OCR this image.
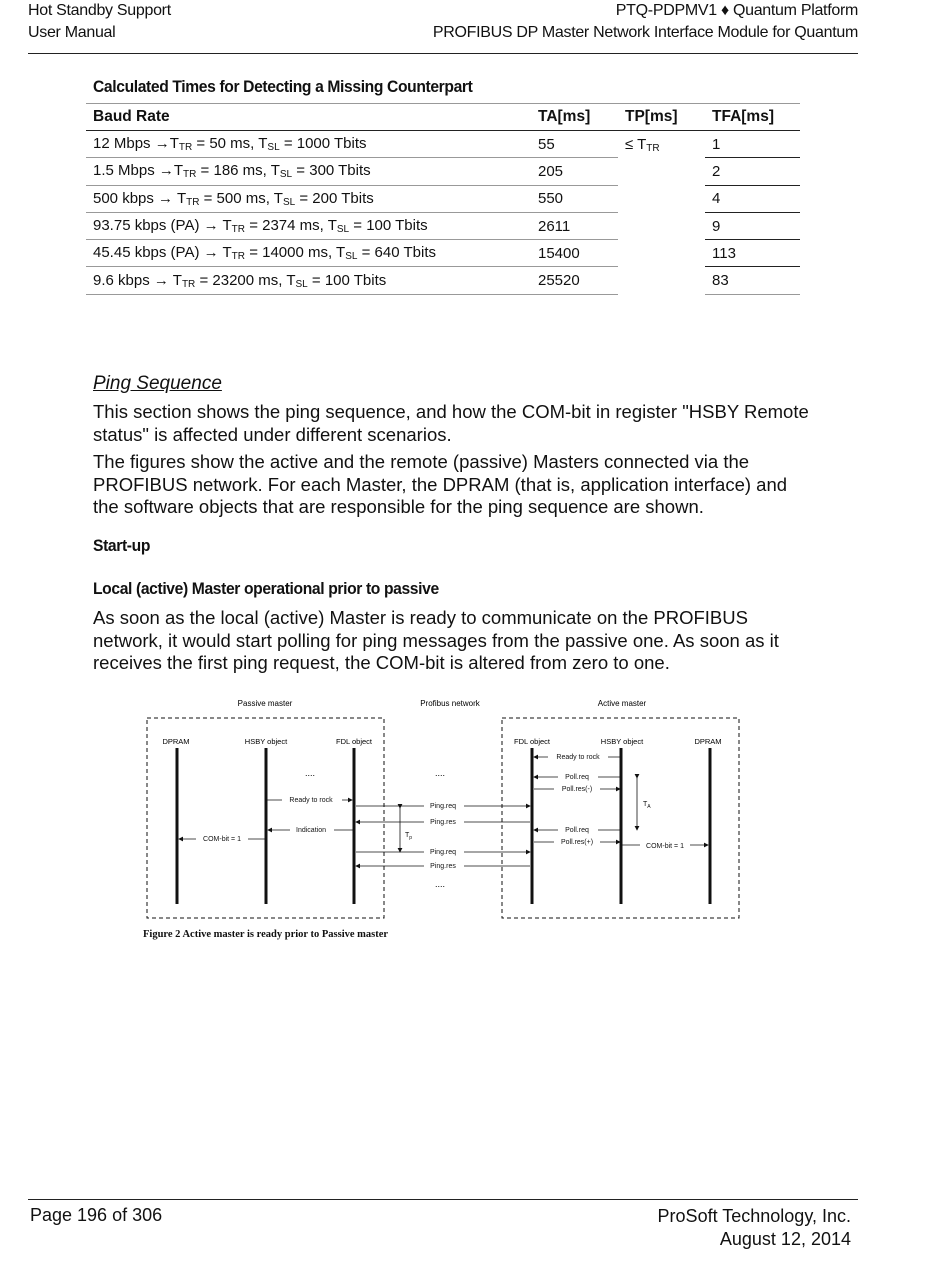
Hot Standby Support
User Manual
PTQ-PDPMV1 ♦ Quantum Platform
PROFIBUS DP Master Network Interface Module for Quantum
Calculated Times for Detecting a Missing Counterpart
Baud Rate	TA[ms]	TP[ms]	TFA[ms]
12 Mbps $\to T_{TR} = 50$ ms, $T_{SL} = 1000$ Tbits	55	≤ $T_{TR}$	1
1.5 Mbps $\to T_{TR} = 186$ ms, $T_{SL} = 300$ Tbits	205		2
500 kbps → $T_{TR} = 500$ ms, $T_{SL} = 200$ Tbits	550		4
93.75 kbps $(PA) \to T_{TR} = 2374$ ms, $T_{SL} = 100$ Tbits	2611		9
45.45 kbps $(PA) \to T_{TR} = 14000$ ms, $T_{SL} = 640$ Tbits	15400		113
9.6 kbps → $T_{TR} = 23200$ ms, $T_{SL} = 100$ Tbits	25520		83
Ping Sequence
This section shows the ping sequence, and how the COM-bit in register "HSBY Remote status" is affected under different scenarios.
The figures show the active and the remote (passive) Masters connected via the PROFIBUS network. For each Master, the DPRAM (that is, application interface) and the software objects that are responsible for the ping sequence are shown.
Start-up
Local (active) Master operational prior to passive
As soon as the local (active) Master is ready to communicate on the PROFIBUS network, it would start polling for ping messages from the passive one. As soon as it receives the first ping request, the COM-bit is altered from zero to one.
Passive master	Profibus network	Active master
DPRAM	HSBY object	FDL object	FDL object	HSBY object	DPRAM
....	....
....
Ready to rock
Poll.req
Poll.res(-)
Poll.req
Poll.res(+)
COM-bit = 1
Ready to rock
Indication
COM-bit = 1
Ping.req
Ping.res
Ping.req
Ping.res
$T_p$
$T_A$
Figure 2 Active master is ready prior to Passive master
Page 196 of 306	ProSoft Technology, Inc.
August 12, 2014
